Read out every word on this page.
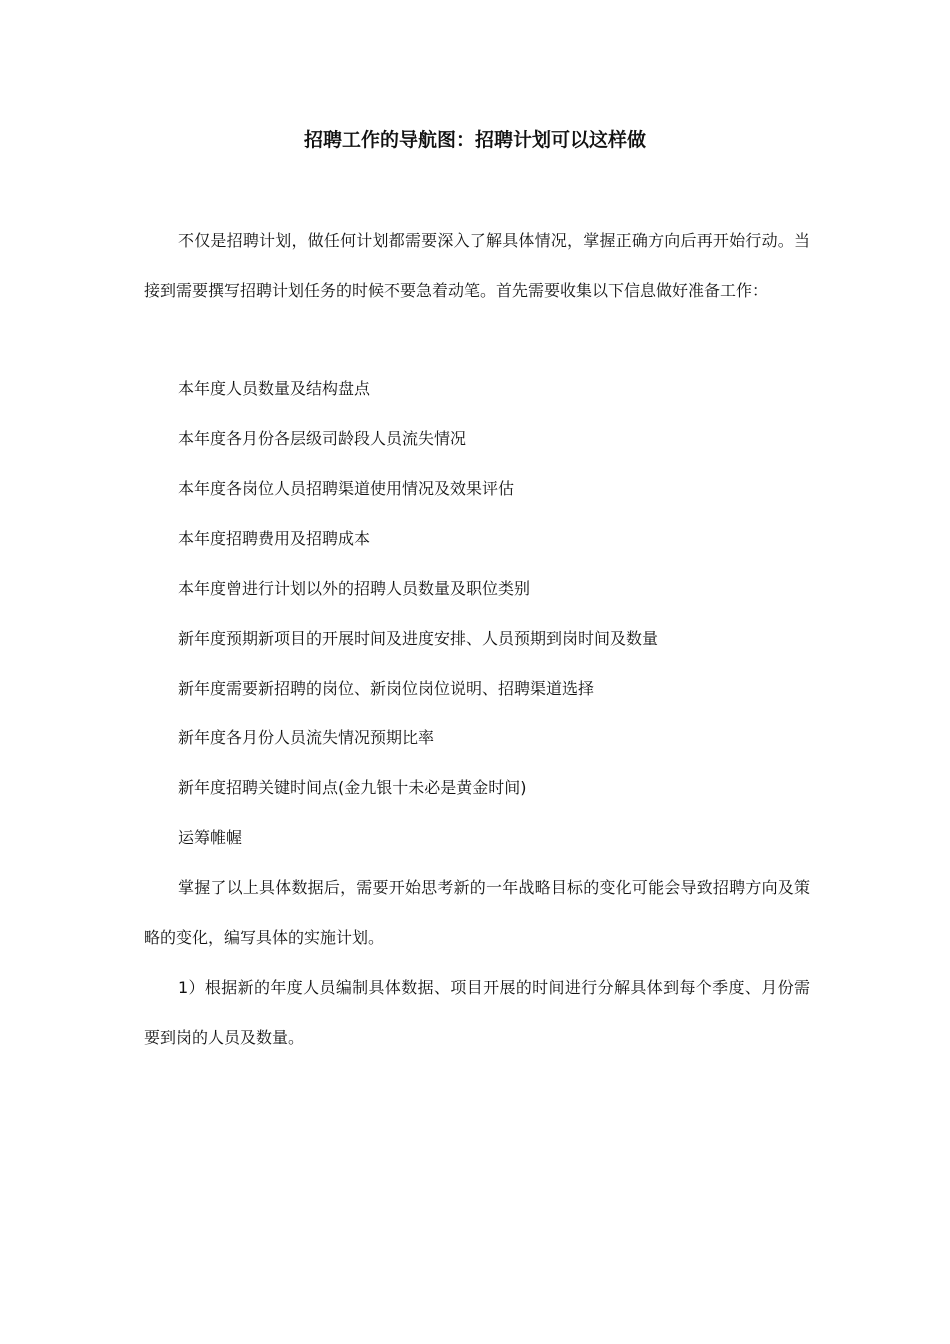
招聘工作的导航图：招聘计划可以这样做

不仅是招聘计划，做任何计划都需要深入了解具体情况，掌握正确方向后再开始行动。当接到需要撰写招聘计划任务的时候不要急着动笔。首先需要收集以下信息做好准备工作：

本年度人员数量及结构盘点

本年度各月份各层级司龄段人员流失情况

本年度各岗位人员招聘渠道使用情况及效果评估

本年度招聘费用及招聘成本

本年度曾进行计划以外的招聘人员数量及职位类别

新年度预期新项目的开展时间及进度安排、人员预期到岗时间及数量

新年度需要新招聘的岗位、新岗位岗位说明、招聘渠道选择

新年度各月份人员流失情况预期比率

新年度招聘关键时间点(金九银十未必是黄金时间)

运筹帷幄

掌握了以上具体数据后，需要开始思考新的一年战略目标的变化可能会导致招聘方向及策略的变化，编写具体的实施计划。

1）根据新的年度人员编制具体数据、项目开展的时间进行分解具体到每个季度、月份需要到岗的人员及数量。
